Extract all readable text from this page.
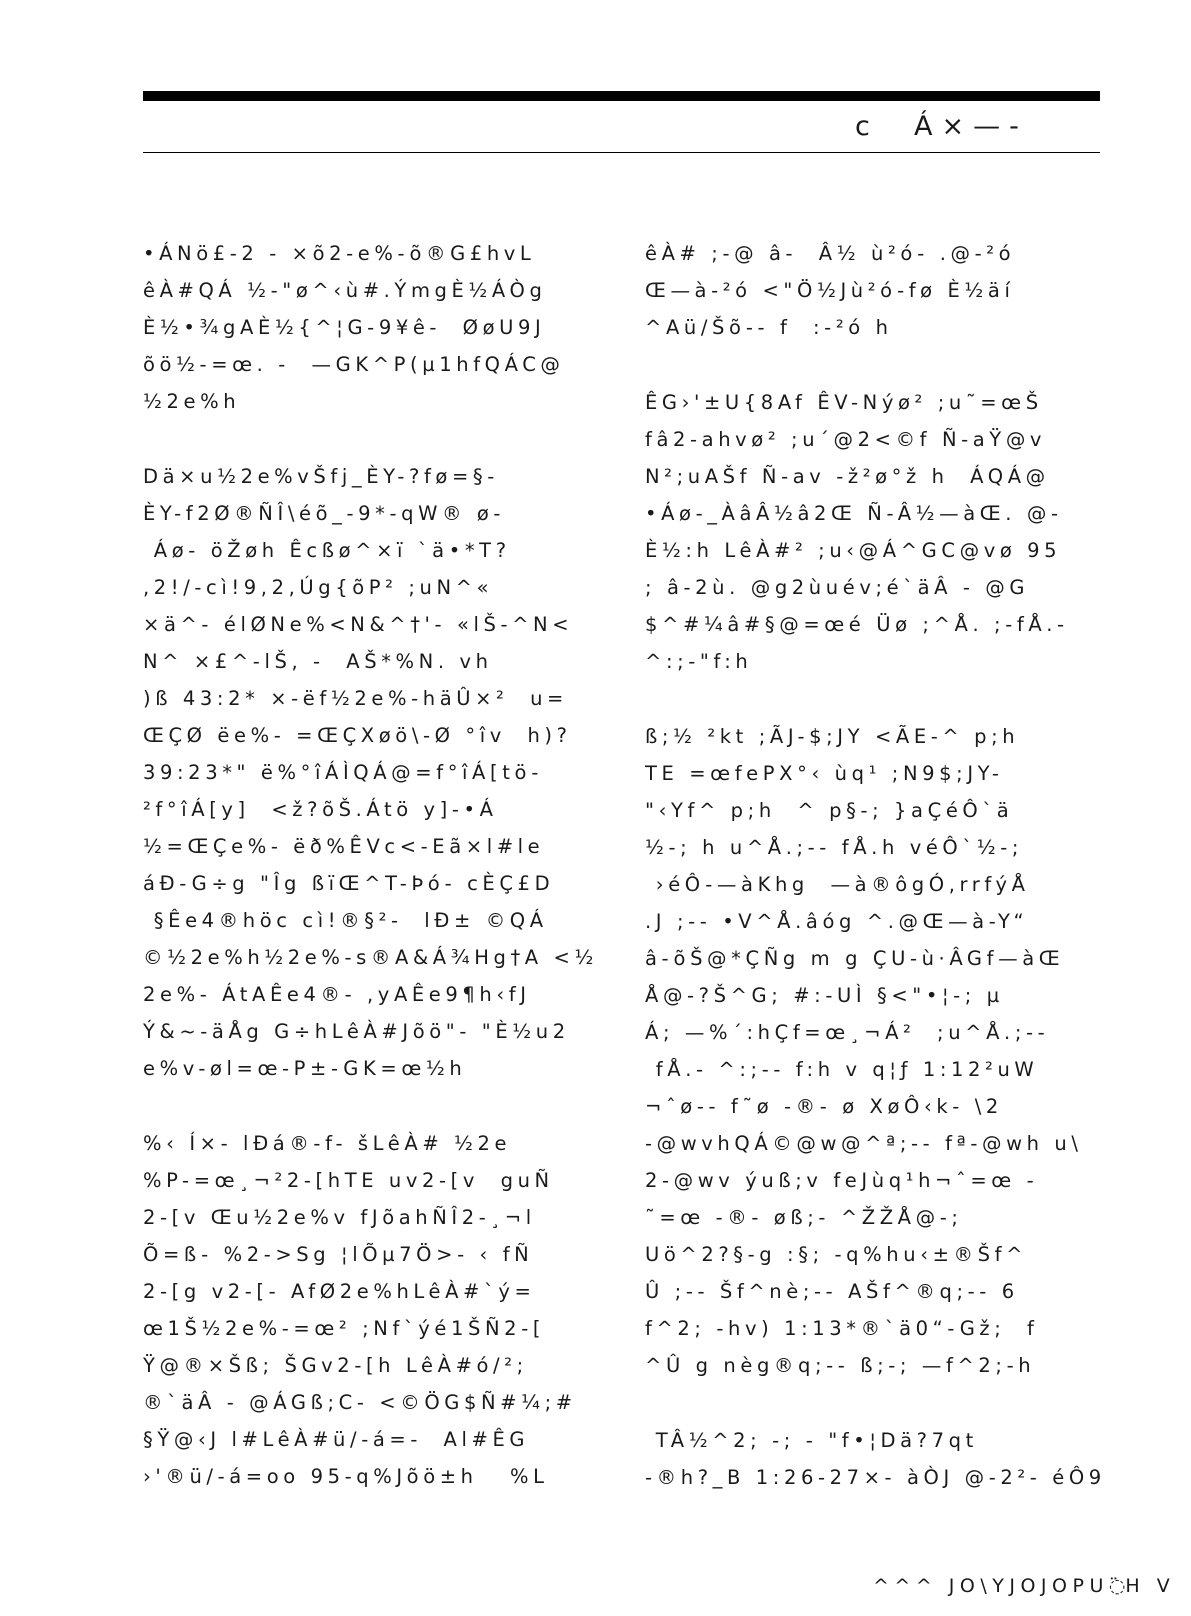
c  Á×—-
•ÁNö£-2 - ×õ2-e%-õ®G£hvL
êÀ#QÁ ½-"ø^‹ù#.ÝmgÈ½ÁÒg
È½•¾gAÈ½{^¦G-9¥ê-  ØøU9J
õö½-=œ. -  —GK^P(µ1hfQÁC@
½2e%h
Dä×u½2e%vŠfj_ÈY-?fø=§-
ÈY-f2Ø®ÑÎ\éõ_-9*-qW® ø-
Áø- öŽøh Êcßø^×ï `ä•*T?
,2!/-cì!9,2,Úg{õP² ;uN^«
×ä^- élØNe%<N&^†'- «lŠ-^N<
N^ ×£^-lŠ, -  AŠ*%N. vh
)ß 43:2* ×-ëf½2e%-häÛ×²  u=
ŒÇØ ëe%- =ŒÇXøö\-Ø °îv  h)?
39:23*" ë%°îÁÌQÁ@=f°îÁ[tö-
²f°îÁ[y]  <ž?õŠ.Átö y]-•Á
½=ŒÇe%- ëð%ÊVc<-Eã×l#le
áÐ-G÷g "Îg ßïŒ^T-Þó- cÈÇ£D
§Êe4®höc cì!®§²-  lÐ± ©QÁ
©½2e%h½2e%-s®A&Á¾Hg†A <½
2e%- ÁtAÊe4®- ,yAÊe9¶h‹fJ
Ý&~-äÅg G÷hLêÀ#Jõö"- "È½u2
e%v-øl=œ-P±-GK=œ½h
%‹ Í×- lÐá®-f- šLêÀ# ½2e
%P-=œ¸¬²2-[hTE uv2-[v  guÑ
2-[v Œu½2e%v fJõahÑÎ2-¸¬l
Õ=ß- %2->Sg ¦lÕµ7Ö>- ‹ fÑ
2-[g v2-[- AfØ2e%hLêÀ#`ý=
œ1Š½2e%-=œ² ;Nf`ýé1ŠÑ2-[
Ÿ@®×Šß; ŠGv2-[h LêÀ#ó/²;
®`äÂ - @ÁGß;C- <©ÖG$Ñ#¼;#
§Ÿ@‹J l#LêÀ#ü/-á=-  Al#ÊG
›'®ü/-á=oo 95-q%Jõö±h   %L
êÀ# ;-@ â-  Â½ ù²ó- .@-²ó
Œ—à-²ó <"Ö½Jù²ó-fø È½äí
^Aü/Šõ-- f  :-²ó h
ÊG›'±U{8Af ÊV-Nýø² ;u˜=œŠ
fâ2-ahvø² ;u´@2<©f Ñ-aŸ@v
N²;uAŠf Ñ-av -ž²ø°ž h  ÁQÁ@
•Áø-_ÀâÂ½â2Œ Ñ-Â½—àŒ. @-
È½:h LêÀ#² ;u‹@Á^GC@vø 95
; â-2ù. @g2ùuév;é`äÂ - @G
$^#¼â#§@=œé Üø ;^Å. ;-fÅ.-
^:;-"f:h
ß;½ ²kt ;ÃJ-$;JY <ÃE-^ p;h
TE =œfePX°‹ ùq¹ ;N9$;JY-
"‹Yf^ p;h  ^ p§-; }aÇéÔ`ä
½-; h u^Å.;-- fÅ.h véÔ`½-;
›éÔ-—àKhg  —à®ôgÓ,rrfýÅ
.J ;-- •V^Å.âóg ^.@Œ—à-Y“
â-õŠ@*ÇÑg m g ÇU-ù·ÂGf—àŒ
Å@-?Š^G; #:-UÌ §<"•¦-; µ
Á; —%´:hÇf=œ¸¬Á²  ;u^Å.;--
fÅ.- ^:;-- f:h v q¦ƒ 1:12²uW
¬ˆø-- f˜ø -®- ø XøÔ‹k- \2
-@wvhQÁ©@w@^ª;-- fª-@wh u\
2-@wv ýuß;v feJùq¹h¬ˆ=œ -
˜=œ -®- øß;- ^ŽŽÅ@-;
Uö^2?§-g :§; -q%hu‹±®Šf^
Û ;-- Šf^nè;-- AŠf^®q;-- 6
f^2; -hv) 1:13*®`ä0“-Gž;  f
^Û g nèg®q;-- ß;-; —f^2;-h
TÂ½^2; -; - "f•¦Dä?7qt
-®h?_B 1:26-27×- àÒJ @-2²- éÔ9
^^^ JO\YJOJOPU߳H V
